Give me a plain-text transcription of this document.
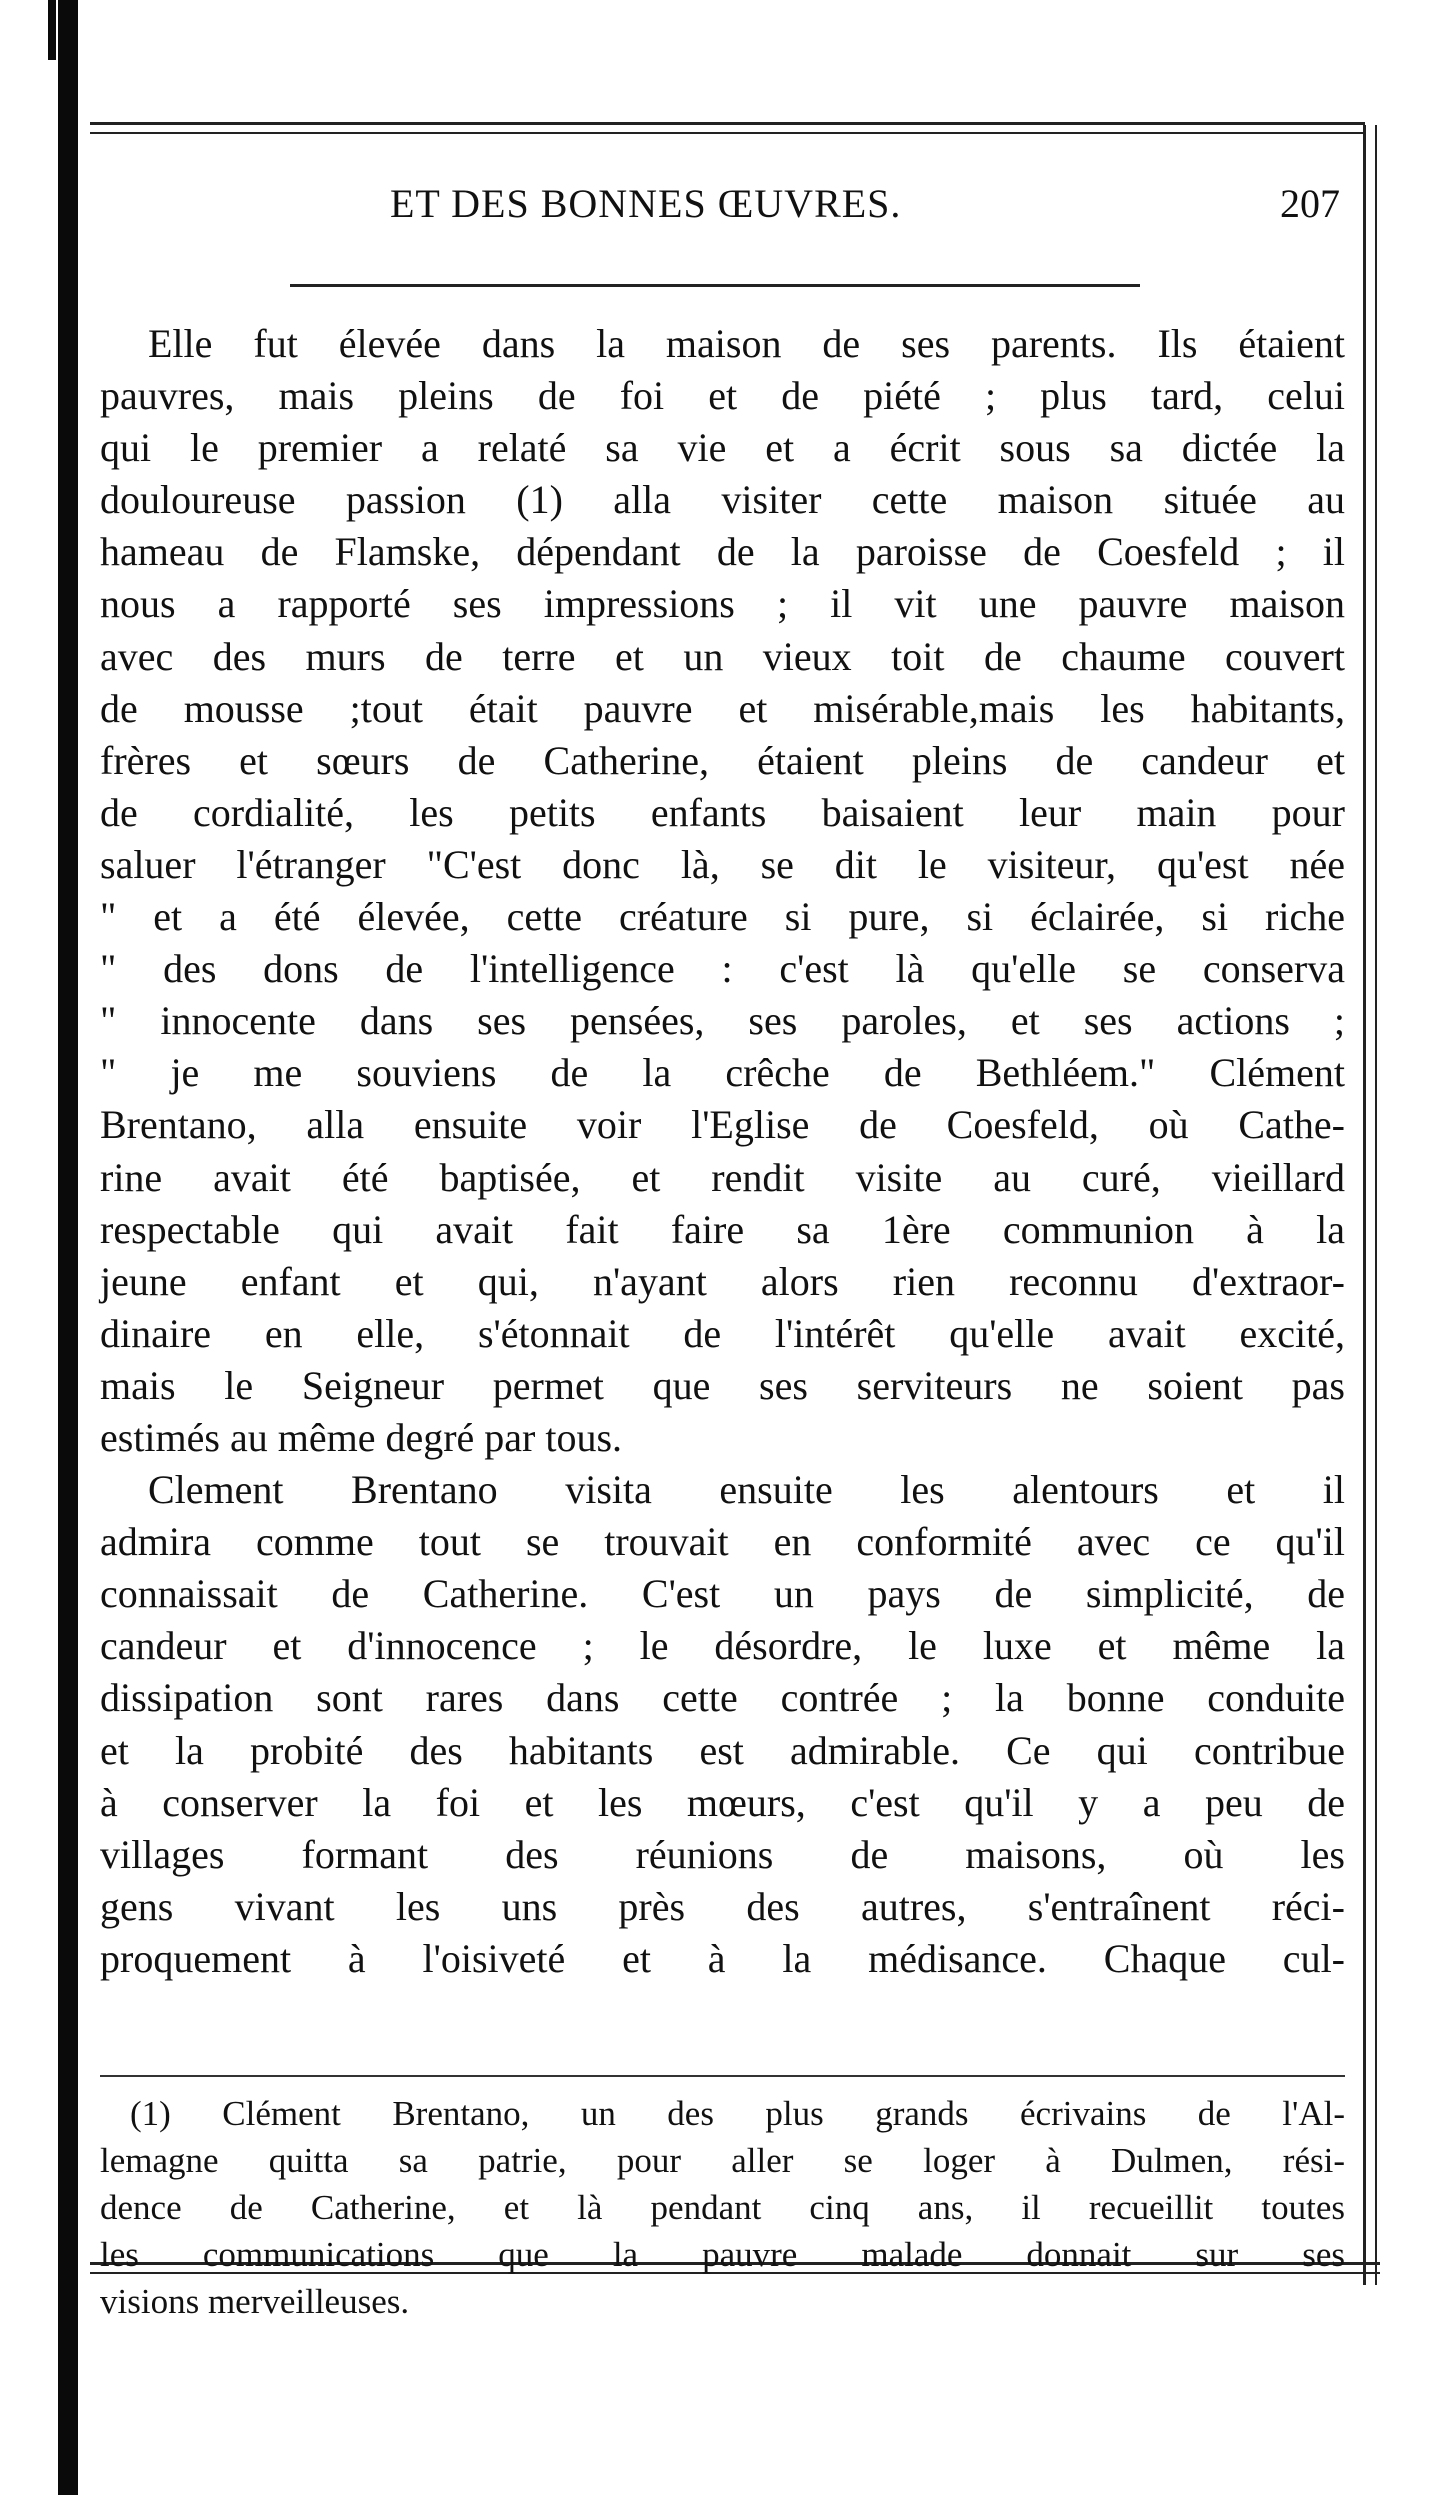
ET DES BONNES ŒUVRES.	207
Elle fut élevée dans la maison de ses parents. Ils étaient
pauvres, mais pleins de foi et de piété ; plus tard, celui
qui le premier a relaté sa vie et a écrit sous sa dictée la
douloureuse passion (1) alla visiter cette maison située au
hameau de Flamske, dépendant de la paroisse de Coesfeld ; il
nous a rapporté ses impressions ; il vit une pauvre maison
avec des murs de terre et un vieux toit de chaume couvert
de mousse ;tout était pauvre et misérable,mais les habitants,
frères et sœurs de Catherine, étaient pleins de candeur et
de cordialité, les petits enfants baisaient leur main pour
saluer l'étranger "C'est donc là, se dit le visiteur, qu'est née
" et a été élevée, cette créature si pure, si éclairée, si riche
" des dons de l'intelligence : c'est là qu'elle se conserva
" innocente dans ses pensées, ses paroles, et ses actions ;
" je me souviens de la crêche de Bethléem." Clément
Brentano, alla ensuite voir l'Eglise de Coesfeld, où Cathe-
rine avait été baptisée, et rendit visite au curé, vieillard
respectable qui avait fait faire sa 1ère communion à la
jeune enfant et qui, n'ayant alors rien reconnu d'extraor-
dinaire en elle, s'étonnait de l'intérêt qu'elle avait excité,
mais le Seigneur permet que ses serviteurs ne soient pas
estimés au même degré par tous.
Clement Brentano visita ensuite les alentours et il
admira comme tout se trouvait en conformité avec ce qu'il
connaissait de Catherine. C'est un pays de simplicité, de
candeur et d'innocence ; le désordre, le luxe et même la
dissipation sont rares dans cette contrée ; la bonne conduite
et la probité des habitants est admirable. Ce qui contribue
à conserver la foi et les mœurs, c'est qu'il y a peu de
villages formant des réunions de maisons, où les
gens vivant les uns près des autres, s'entraînent réci-
proquement à l'oisiveté et à la médisance. Chaque cul-
(1) Clément Brentano, un des plus grands écrivains de l'Al-
lemagne quitta sa patrie, pour aller se loger à Dulmen, rési-
dence de Catherine, et là pendant cinq ans, il recueillit toutes
les communications que la pauvre malade donnait sur ses
visions merveilleuses.
